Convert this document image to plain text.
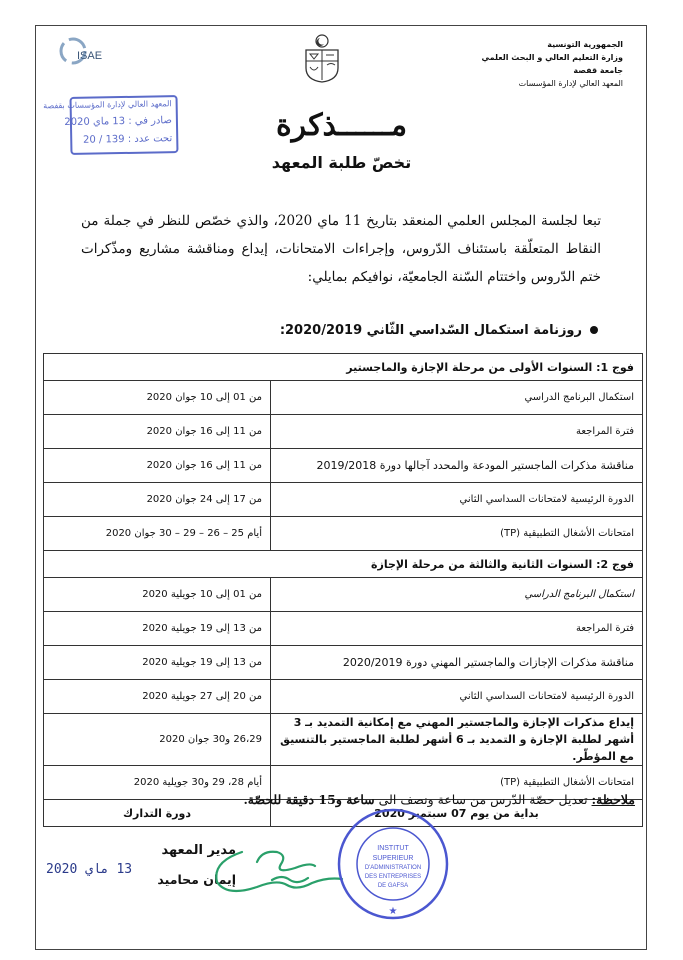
ISAE
الجمهورية التونسية
وزارة التعليم العالي و البحث العلمي
جامعة قفصة
المعهد العالي لإدارة المؤسسات
المعهد العالي لإدارة المؤسسات بقفصة
صادر في : 13 ماي 2020
تحت عدد : 139 / 20	مــــــذكرة
تخصّ طلبة المعهد
تبعا لجلسة المجلس العلمي المنعقد بتاريخ 11 ماي 2020، والذي خصّص للنظر في جملة من النقاط المتعلّقة باستئناف الدّروس، وإجراءات الامتحانات، إيداع ومناقشة مشاريع ومذّكرات ختم الدّروس واختتام السّنة الجامعيّة، نوافيكم بمايلي:
روزنامة استكمال السّداسي الثّاني 2020/2019:
فوج 1: السنوات الأولى من مرحلة الإجازة والماجستير	
استكمال البرنامج الدراسي	من 01 إلى 10 جوان 2020
فترة المراجعة	من 11 إلى 16 جوان 2020
مناقشة مذكرات الماجستير المودعة والمحدد آجالها دورة 2019/2018	من 11 إلى 16 جوان 2020
الدورة الرئيسية لامتحانات السداسي الثاني	من 17 إلى 24 جوان 2020
امتحانات الأشغال التطبيقية (TP)	أيام 25 – 26 – 29 – 30 جوان 2020
فوج 2: السنوات الثانية والثالثة من مرحلة الإجازة	
استكمال البرنامج الدراسي	من 01 إلى 10 جويلية 2020
فترة المراجعة	من 13 إلى 19 جويلية 2020
مناقشة مذكرات الإجازات والماجستير المهني دورة 2020/2019	من 13 إلى 19 جويلية 2020
الدورة الرئيسية لامتحانات السداسي الثاني	من 20 إلى 27 جويلية 2020
إيداع مذكرات الإجازة والماجستير المهني مع إمكانية التمديد بـ 3 أشهر لطلبة الإجازة و التمديد بـ 6 أشهر لطلبة الماجستير بالتنسيق مع المؤطّر.	26،29 و30 جوان 2020
امتحانات الأشغال التطبيقية (TP)	أيام 28، 29 و30 جويلية 2020
بداية من يوم 07 سبتمبر 2020	دورة التدارك
ملاحظة: تعديل حصّة الدّرس من ساعة ونصف الى ساعة و15 دقيقة للحصّة.
مدير المعهد
إيمان محاميد
13 ماي 2020
INSTITUT
SUPERIEUR
D'ADMINISTRATION
DES ENTREPRISES
DE GAFSA
★
